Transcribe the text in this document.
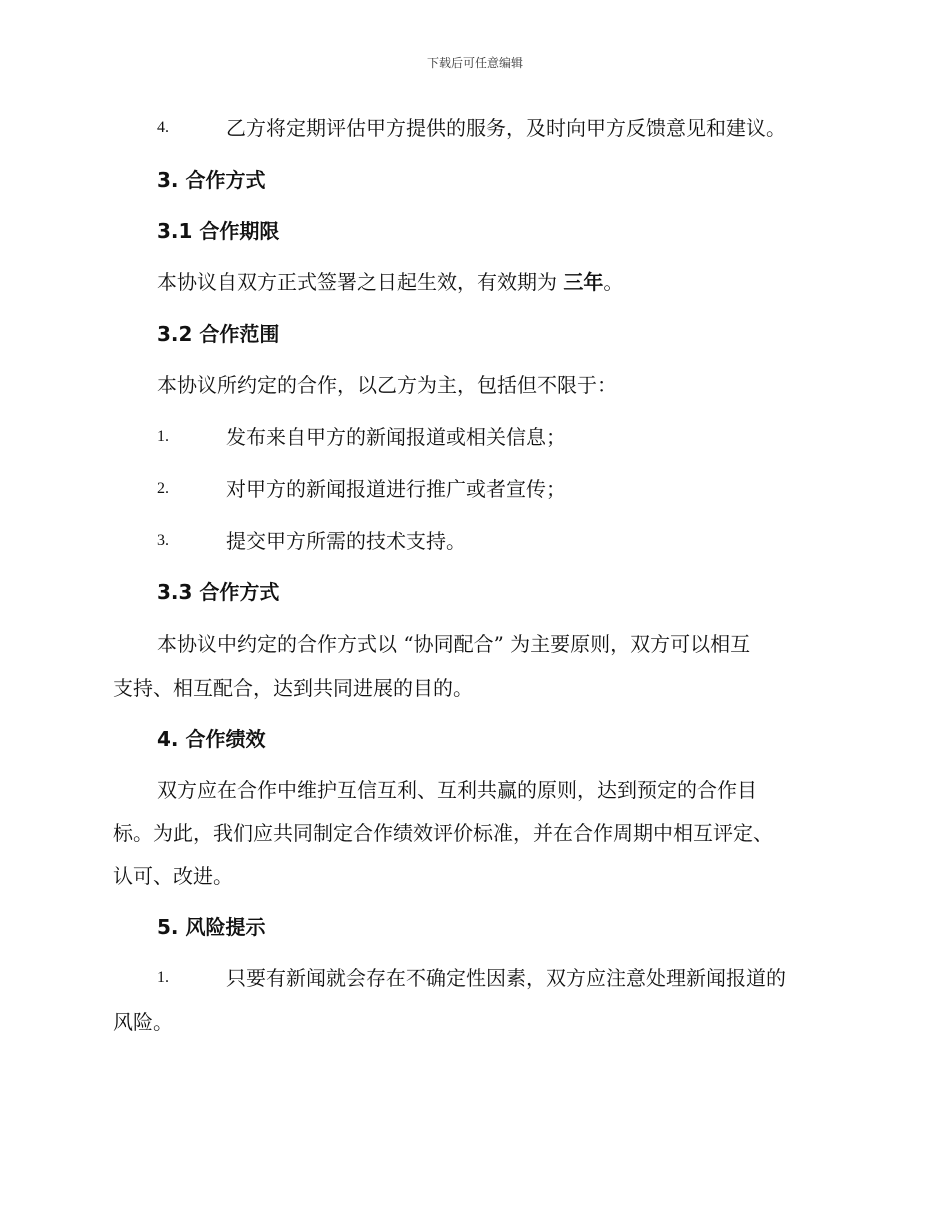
下载后可任意编辑
4.	乙方将定期评估甲方提供的服务，及时向甲方反馈意见和建议。
3. 合作方式
3.1 合作期限
本协议自双方正式签署之日起生效，有效期为 三年。
3.2 合作范围
本协议所约定的合作，以乙方为主，包括但不限于：
1.	发布来自甲方的新闻报道或相关信息；
2.	对甲方的新闻报道进行推广或者宣传；
3.	提交甲方所需的技术支持。
3.3 合作方式
本协议中约定的合作方式以 “协同配合” 为主要原则，双方可以相互
支持、相互配合，达到共同进展的目的。
4. 合作绩效
双方应在合作中维护互信互利、互利共赢的原则，达到预定的合作目
标。为此，我们应共同制定合作绩效评价标准，并在合作周期中相互评定、
认可、改进。
5. 风险提示
1.	只要有新闻就会存在不确定性因素，双方应注意处理新闻报道的
风险。
